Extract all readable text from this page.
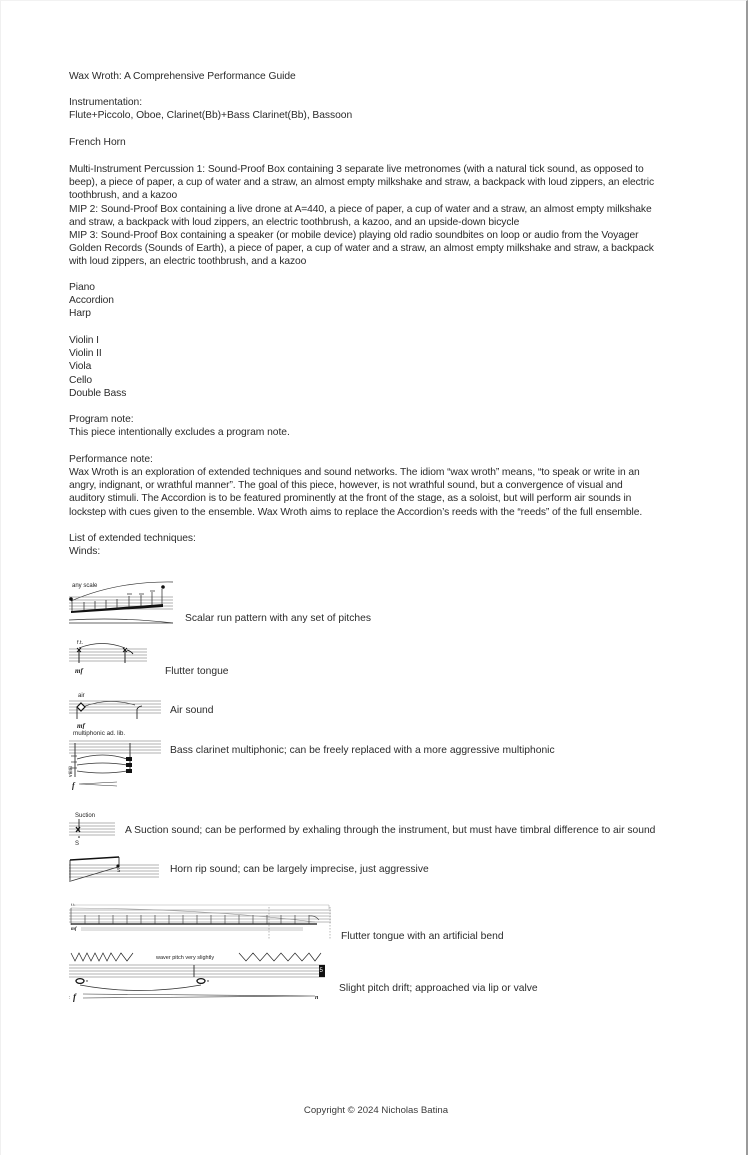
Wax Wroth: A Comprehensive Performance Guide
Instrumentation:
Flute+Piccolo, Oboe, Clarinet(Bb)+Bass Clarinet(Bb), Bassoon
French Horn
Multi-Instrument Percussion 1: Sound-Proof Box containing 3 separate live metronomes (with a natural tick sound, as opposed to
beep), a piece of paper, a cup of water and a straw, an almost empty milkshake and straw, a backpack with loud zippers, an electric
toothbrush, and a kazoo
MIP 2: Sound-Proof Box containing a live drone at A=440, a piece of paper, a cup of water and a straw, an almost empty milkshake
and straw, a backpack with loud zippers, an electric toothbrush, a kazoo, and an upside-down bicycle
MIP 3: Sound-Proof Box containing a speaker (or mobile device) playing old radio soundbites on loop or audio from the Voyager
Golden Records (Sounds of Earth), a piece of paper, a cup of water and a straw, an almost empty milkshake and straw, a backpack
with loud zippers, an electric toothbrush, and a kazoo
Piano
Accordion
Harp
Violin I
Violin II
Viola
Cello
Double Bass
Program note:
This piece intentionally excludes a program note.
Performance note:
Wax Wroth is an exploration of extended techniques and sound networks. The idiom “wax wroth” means, “to speak or write in an
angry, indignant, or wrathful manner”. The goal of this piece, however, is not wrathful sound, but a convergence of visual and
auditory stimuli. The Accordion is to be featured prominently at the front of the stage, as a soloist, but will perform air sounds in
lockstep with cues given to the ensemble. Wax Wroth aims to replace the Accordion’s reeds with the “reeds” of the full ensemble.
List of extended techniques:
Winds:
any scale
Scalar run pattern with any set of pitches
f.t.
mf	Flutter tongue
air
mf
Air sound
multiphonic ad. lib.
v⊞⊞
f
Bass clarinet multiphonic; can be freely replaced with a more aggressive multiphonic
Suction
S
A Suction sound; can be performed by exhaling through the instrument, but must have timbral difference to air sound
S	Horn rip sound; can be largely imprecise, just aggressive
f.t.
mf
Flutter tongue with an artificial bend
waver pitch very slightly
5
: f	n
Slight pitch drift; approached via lip or valve
Copyright © 2024 Nicholas Batina
